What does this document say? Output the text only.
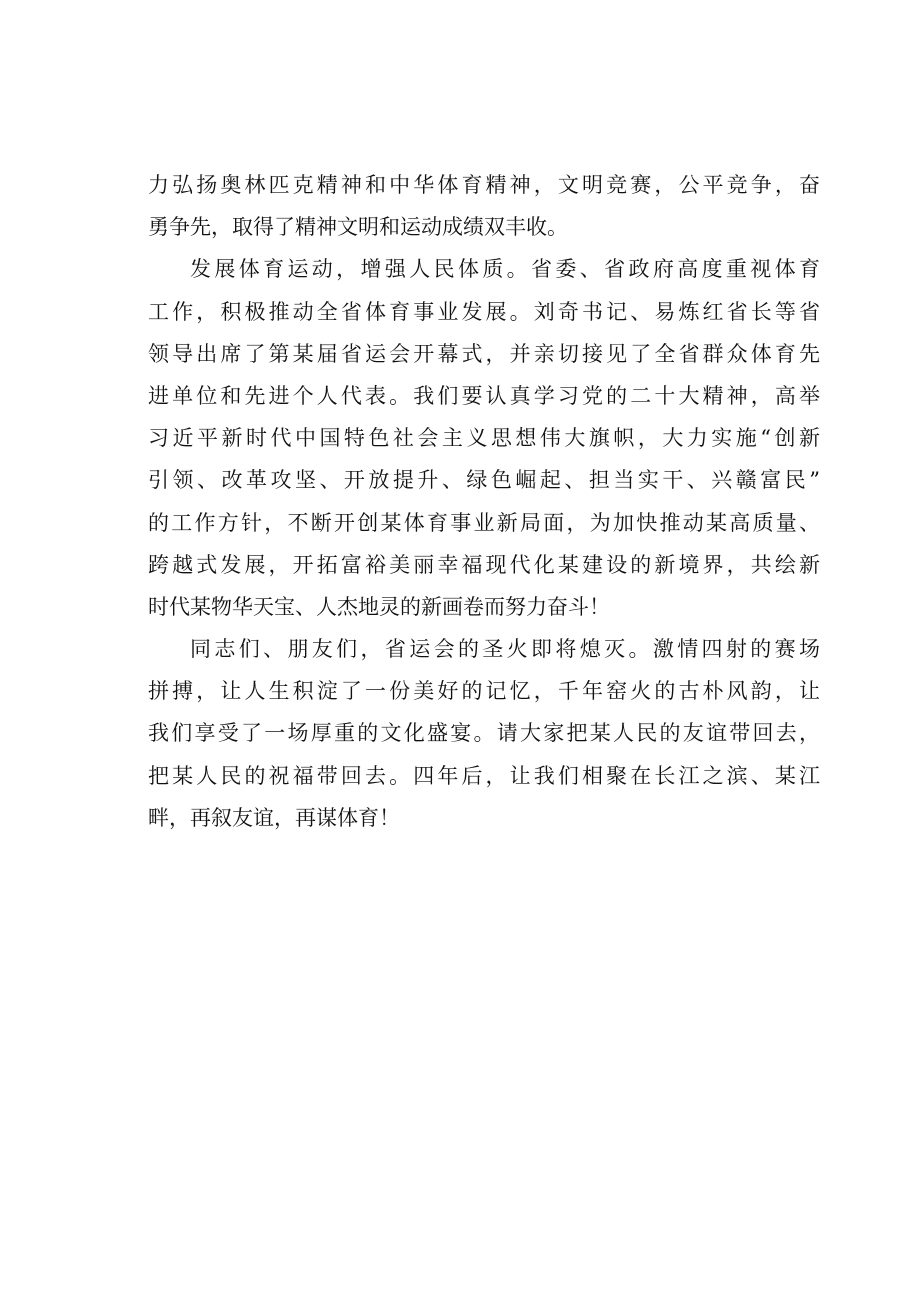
力弘扬奥林匹克精神和中华体育精神，文明竞赛，公平竞争，奋
勇争先，取得了精神文明和运动成绩双丰收。
发展体育运动，增强人民体质。省委、省政府高度重视体育
工作，积极推动全省体育事业发展。刘奇书记、易炼红省长等省
领导出席了第某届省运会开幕式，并亲切接见了全省群众体育先
进单位和先进个人代表。我们要认真学习党的二十大精神，高举
习近平新时代中国特色社会主义思想伟大旗帜，大力实施“创新
引领、改革攻坚、开放提升、绿色崛起、担当实干、兴赣富民”
的工作方针，不断开创某体育事业新局面，为加快推动某高质量、
跨越式发展，开拓富裕美丽幸福现代化某建设的新境界，共绘新
时代某物华天宝、人杰地灵的新画卷而努力奋斗！
同志们、朋友们，省运会的圣火即将熄灭。激情四射的赛场
拼搏，让人生积淀了一份美好的记忆，千年窑火的古朴风韵，让
我们享受了一场厚重的文化盛宴。请大家把某人民的友谊带回去，
把某人民的祝福带回去。四年后，让我们相聚在长江之滨、某江
畔，再叙友谊，再谋体育！
